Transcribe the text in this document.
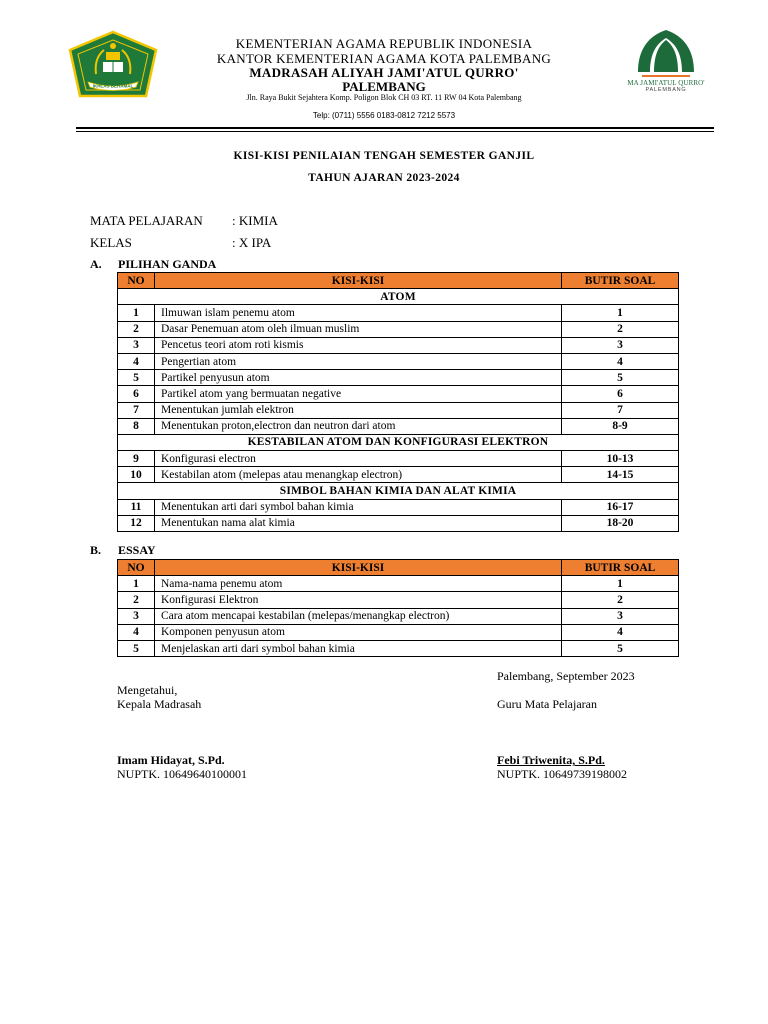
IKHLAS BERAMAL
KEMENTERIAN AGAMA REPUBLIK INDONESIA
KANTOR KEMENTERIAN AGAMA KOTA PALEMBANG
MADRASAH ALIYAH JAMI'ATUL QURRO'
PALEMBANG
Jln. Raya Bukit Sejahtera Komp. Poligon Blok CH 03 RT. 11 RW 04 Kota Palembang
Telp: (0711) 5556 0183-0812 7212 5573
MA JAMI'ATUL QURRO'
PALEMBANG
KISI-KISI PENILAIAN TENGAH SEMESTER GANJIL
TAHUN AJARAN 2023-2024
MATA PELAJARAN : KIMIA
KELAS	: X IPA
A. PILIHAN GANDA
NO	KISI-KISI	BUTIR SOAL
ATOM		
1	Ilmuwan islam penemu atom	1
2	Dasar Penemuan atom oleh ilmuan muslim	2
3	Pencetus teori atom roti kismis	3
4	Pengertian atom	4
5	Partikel penyusun atom	5
6	Partikel atom yang bermuatan negative	6
7	Menentukan jumlah elektron	7
8	Menentukan proton,electron dan neutron dari atom	8-9
KESTABILAN ATOM DAN KONFIGURASI ELEKTRON		
9	Konfigurasi electron	10-13
10	Kestabilan atom (melepas atau menangkap electron)	14-15
SIMBOL BAHAN KIMIA DAN ALAT KIMIA		
11	Menentukan arti dari symbol bahan kimia	16-17
12	Menentukan nama alat kimia	18-20
B. ESSAY
NO	KISI-KISI	BUTIR SOAL
1	Nama-nama penemu atom	1
2	Konfigurasi Elektron	2
3	Cara atom mencapai kestabilan (melepas/menangkap electron)	3
4	Komponen penyusun atom	4
5	Menjelaskan arti dari symbol bahan kimia	5
Palembang, September 2023
Mengetahui,
Kepala Madrasah	Guru Mata Pelajaran
Imam Hidayat, S.Pd.	Febi Triwenita, S.Pd.
NUPTK. 10649640100001	NUPTK. 10649739198002
